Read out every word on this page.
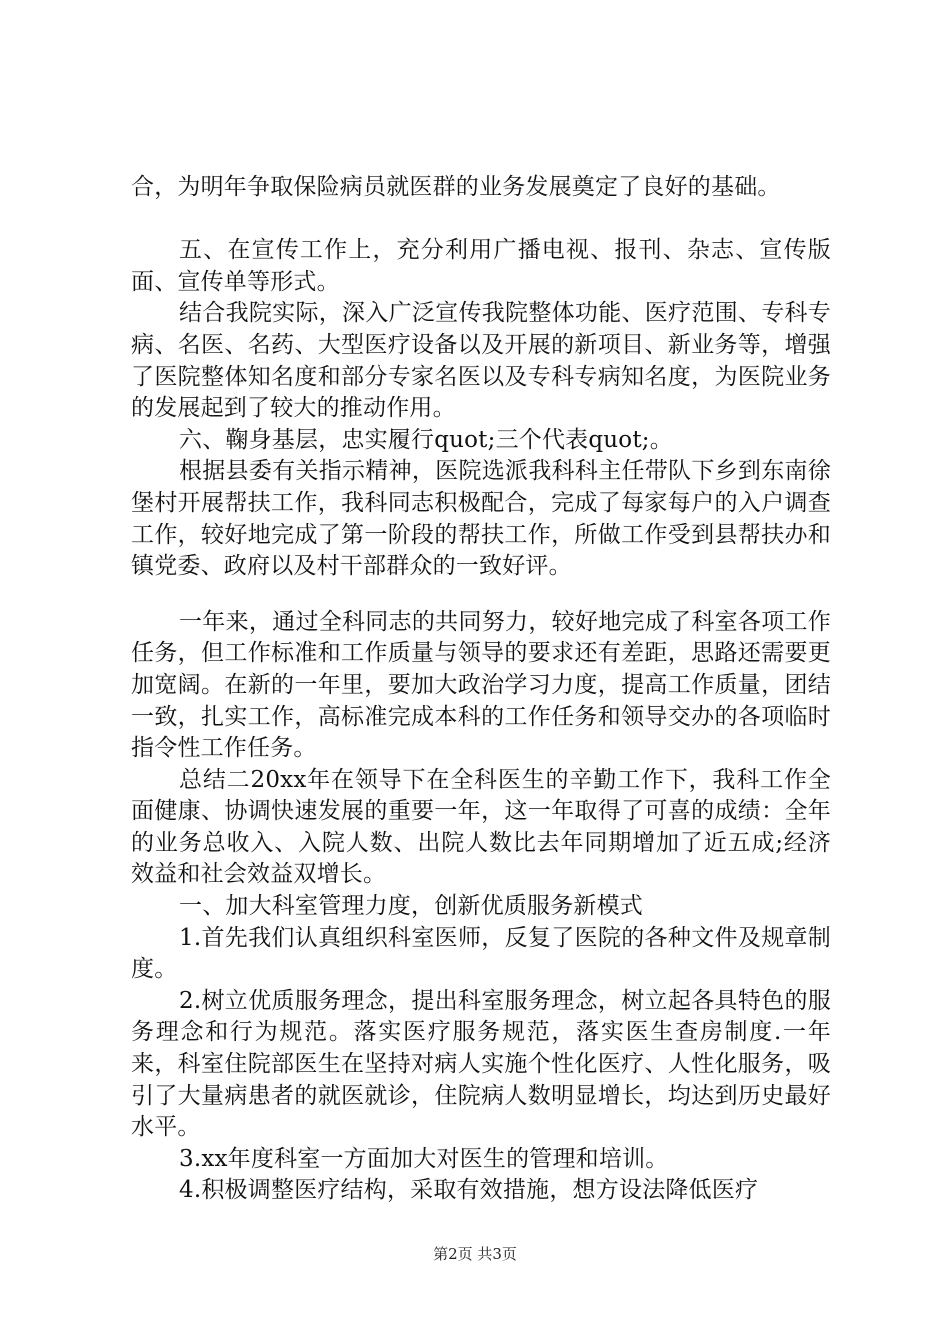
合，为明年争取保险病员就医群的业务发展奠定了良好的基础。

五、在宣传工作上，充分利用广播电视、报刊、杂志、宣传版面、宣传单等形式。

结合我院实际，深入广泛宣传我院整体功能、医疗范围、专科专病、名医、名药、大型医疗设备以及开展的新项目、新业务等，增强了医院整体知名度和部分专家名医以及专科专病知名度，为医院业务的发展起到了较大的推动作用。

六、鞠身基层，忠实履行quot;三个代表quot;。

根据县委有关指示精神，医院选派我科科主任带队下乡到东南徐堡村开展帮扶工作，我科同志积极配合，完成了每家每户的入户调查工作，较好地完成了第一阶段的帮扶工作，所做工作受到县帮扶办和镇党委、政府以及村干部群众的一致好评。

一年来，通过全科同志的共同努力，较好地完成了科室各项工作任务，但工作标准和工作质量与领导的要求还有差距，思路还需要更加宽阔。在新的一年里，要加大政治学习力度，提高工作质量，团结一致，扎实工作，高标准完成本科的工作任务和领导交办的各项临时指令性工作任务。

总结二20xx年在领导下在全科医生的辛勤工作下，我科工作全面健康、协调快速发展的重要一年，这一年取得了可喜的成绩：全年的业务总收入、入院人数、出院人数比去年同期增加了近五成;经济效益和社会效益双增长。

一、加大科室管理力度，创新优质服务新模式

1.首先我们认真组织科室医师，反复了医院的各种文件及规章制度。

2.树立优质服务理念，提出科室服务理念，树立起各具特色的服务理念和行为规范。落实医疗服务规范，落实医生查房制度.一年来，科室住院部医生在坚持对病人实施个性化医疗、人性化服务，吸引了大量病患者的就医就诊，住院病人数明显增长，均达到历史最好水平。

3.xx年度科室一方面加大对医生的管理和培训。

4.积极调整医疗结构，采取有效措施，想方设法降低医疗

第2页 共3页
